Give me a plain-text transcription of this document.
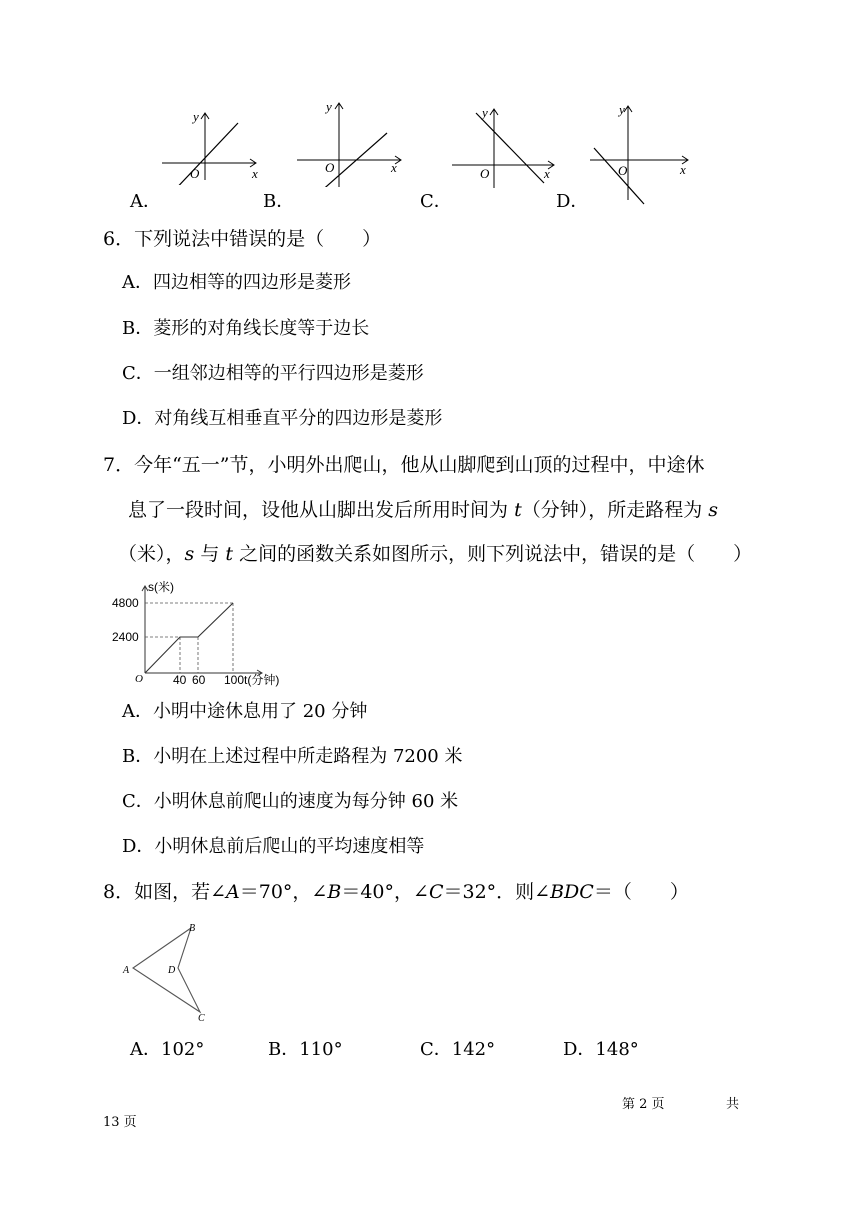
O	x
y
O	x
y
O	x
y
O	x
y
A．	B．	C．	D．
6．下列说法中错误的是（　　）
A．四边相等的四边形是菱形
B．菱形的对角线长度等于边长
C．一组邻边相等的平行四边形是菱形
D．对角线互相垂直平分的四边形是菱形
7．今年“五一”节，小明外出爬山，他从山脚爬到山顶的过程中，中途休
息了一段时间，设他从山脚出发后所用时间为 t（分钟），所走路程为 s
（米），s 与 t 之间的函数关系如图所示，则下列说法中，错误的是（　　）
s(米)
4800
2400
O	40 60 100 t(分钟)
A．小明中途休息用了 20 分钟
B．小明在上述过程中所走路程为 7200 米
C．小明休息前爬山的速度为每分钟 60 米
D．小明休息前后爬山的平均速度相等
8．如图，若∠A＝70°，∠B＝40°，∠C＝32°．则∠BDC＝（　　）
A
B
D
C
A．102°	B．110°	C．142°	D．148°
第 2 页	共
13 页
